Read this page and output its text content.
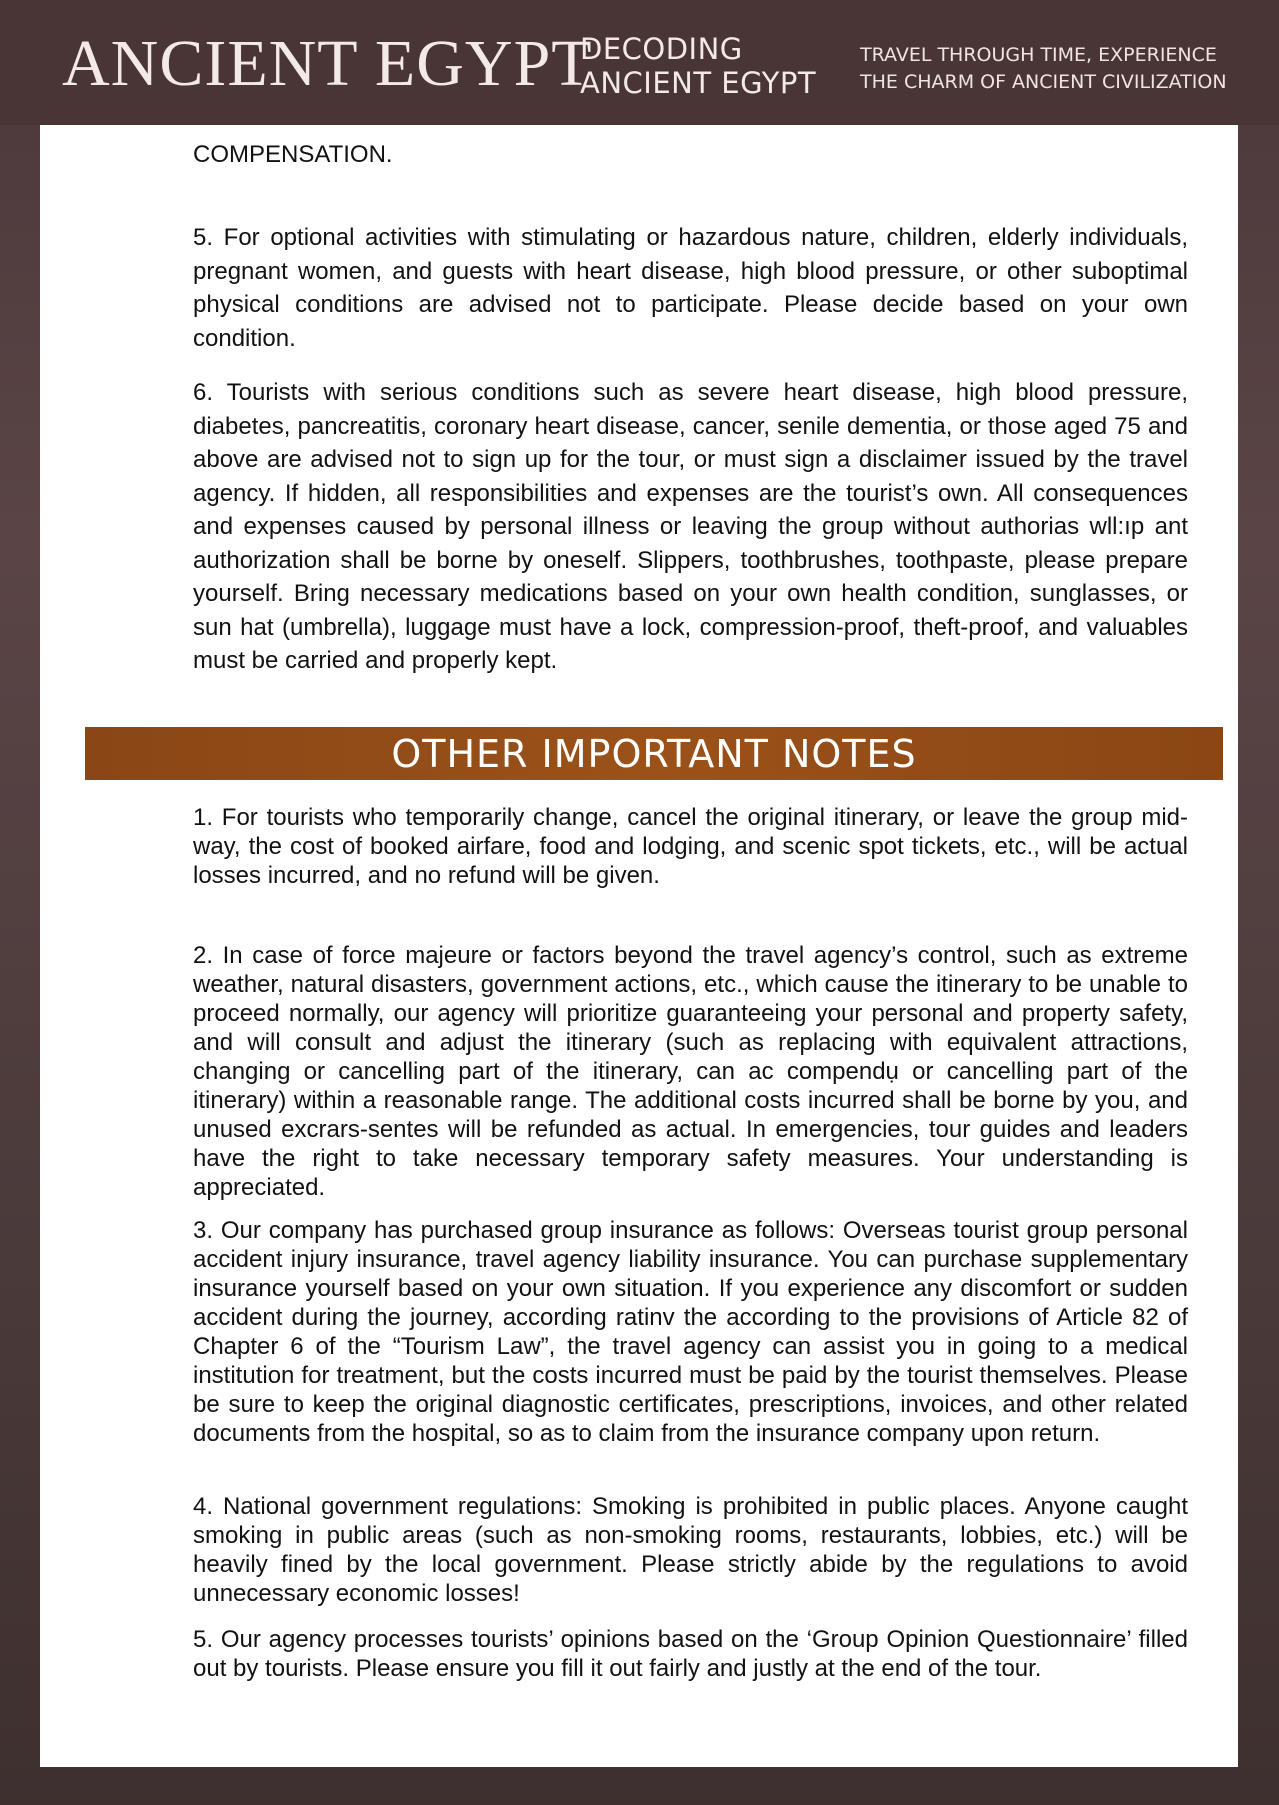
ANCIENT EGYPT
DECODING
ANCIENT EGYPT
TRAVEL THROUGH TIME, EXPERIENCE
THE CHARM OF ANCIENT CIVILIZATION
COMPENSATION.
5. For optional activities with stimulating or hazardous nature, children, elderly individuals, pregnant women, and guests with heart disease, high blood pressure, or other suboptimal physical conditions are advised not to participate. Please decide based on your own condition.
6. Tourists with serious conditions such as severe heart disease, high blood pressure, diabetes, pancreatitis, coronary heart disease, cancer, senile dementia, or those aged 75 and above are advised not to sign up for the tour, or must sign a disclaimer issued by the travel agency. If hidden, all responsibilities and expenses are the tourist’s own. All consequences and expenses caused by personal illness or leaving the group without authorias wll:ıp ant authorization shall be borne by oneself. Slippers, toothbrushes, toothpaste, please prepare yourself. Bring necessary medications based on your own health condition, sunglasses, or sun hat (umbrella), luggage must have a lock, compression-proof, theft-proof, and valuables must be carried and properly kept.
OTHER IMPORTANT NOTES
1. For tourists who temporarily change, cancel the original itinerary, or leave the group mid-way, the cost of booked airfare, food and lodging, and scenic spot tickets, etc., will be actual losses incurred, and no refund will be given.
2. In case of force majeure or factors beyond the travel agency’s control, such as extreme weather, natural disasters, government actions, etc., which cause the itinerary to be unable to proceed normally, our agency will prioritize guaranteeing your personal and property safety, and will consult and adjust the itinerary (such as replacing with equivalent attractions, changing or cancelling part of the itinerary, can ac compendụ or cancelling part of the itinerary) within a reasonable range. The additional costs incurred shall be borne by you, and unused excrars-sentes will be refunded as actual. In emergencies, tour guides and leaders have the right to take necessary temporary safety measures. Your understanding is appreciated.
3. Our company has purchased group insurance as follows: Overseas tourist group personal accident injury insurance, travel agency liability insurance. You can purchase supplementary insurance yourself based on your own situation. If you experience any discomfort or sudden accident during the journey, according ratinv the according to the provisions of Article 82 of Chapter 6 of the “Tourism Law”, the travel agency can assist you in going to a medical institution for treatment, but the costs incurred must be paid by the tourist themselves. Please be sure to keep the original diagnostic certificates, prescriptions, invoices, and other related documents from the hospital, so as to claim from the insurance company upon return.
4. National government regulations: Smoking is prohibited in public places. Anyone caught smoking in public areas (such as non-smoking rooms, restaurants, lobbies, etc.) will be heavily fined by the local government. Please strictly abide by the regulations to avoid unnecessary economic losses!
5. Our agency processes tourists’ opinions based on the ‘Group Opinion Questionnaire’ filled out by tourists. Please ensure you fill it out fairly and justly at the end of the tour.
